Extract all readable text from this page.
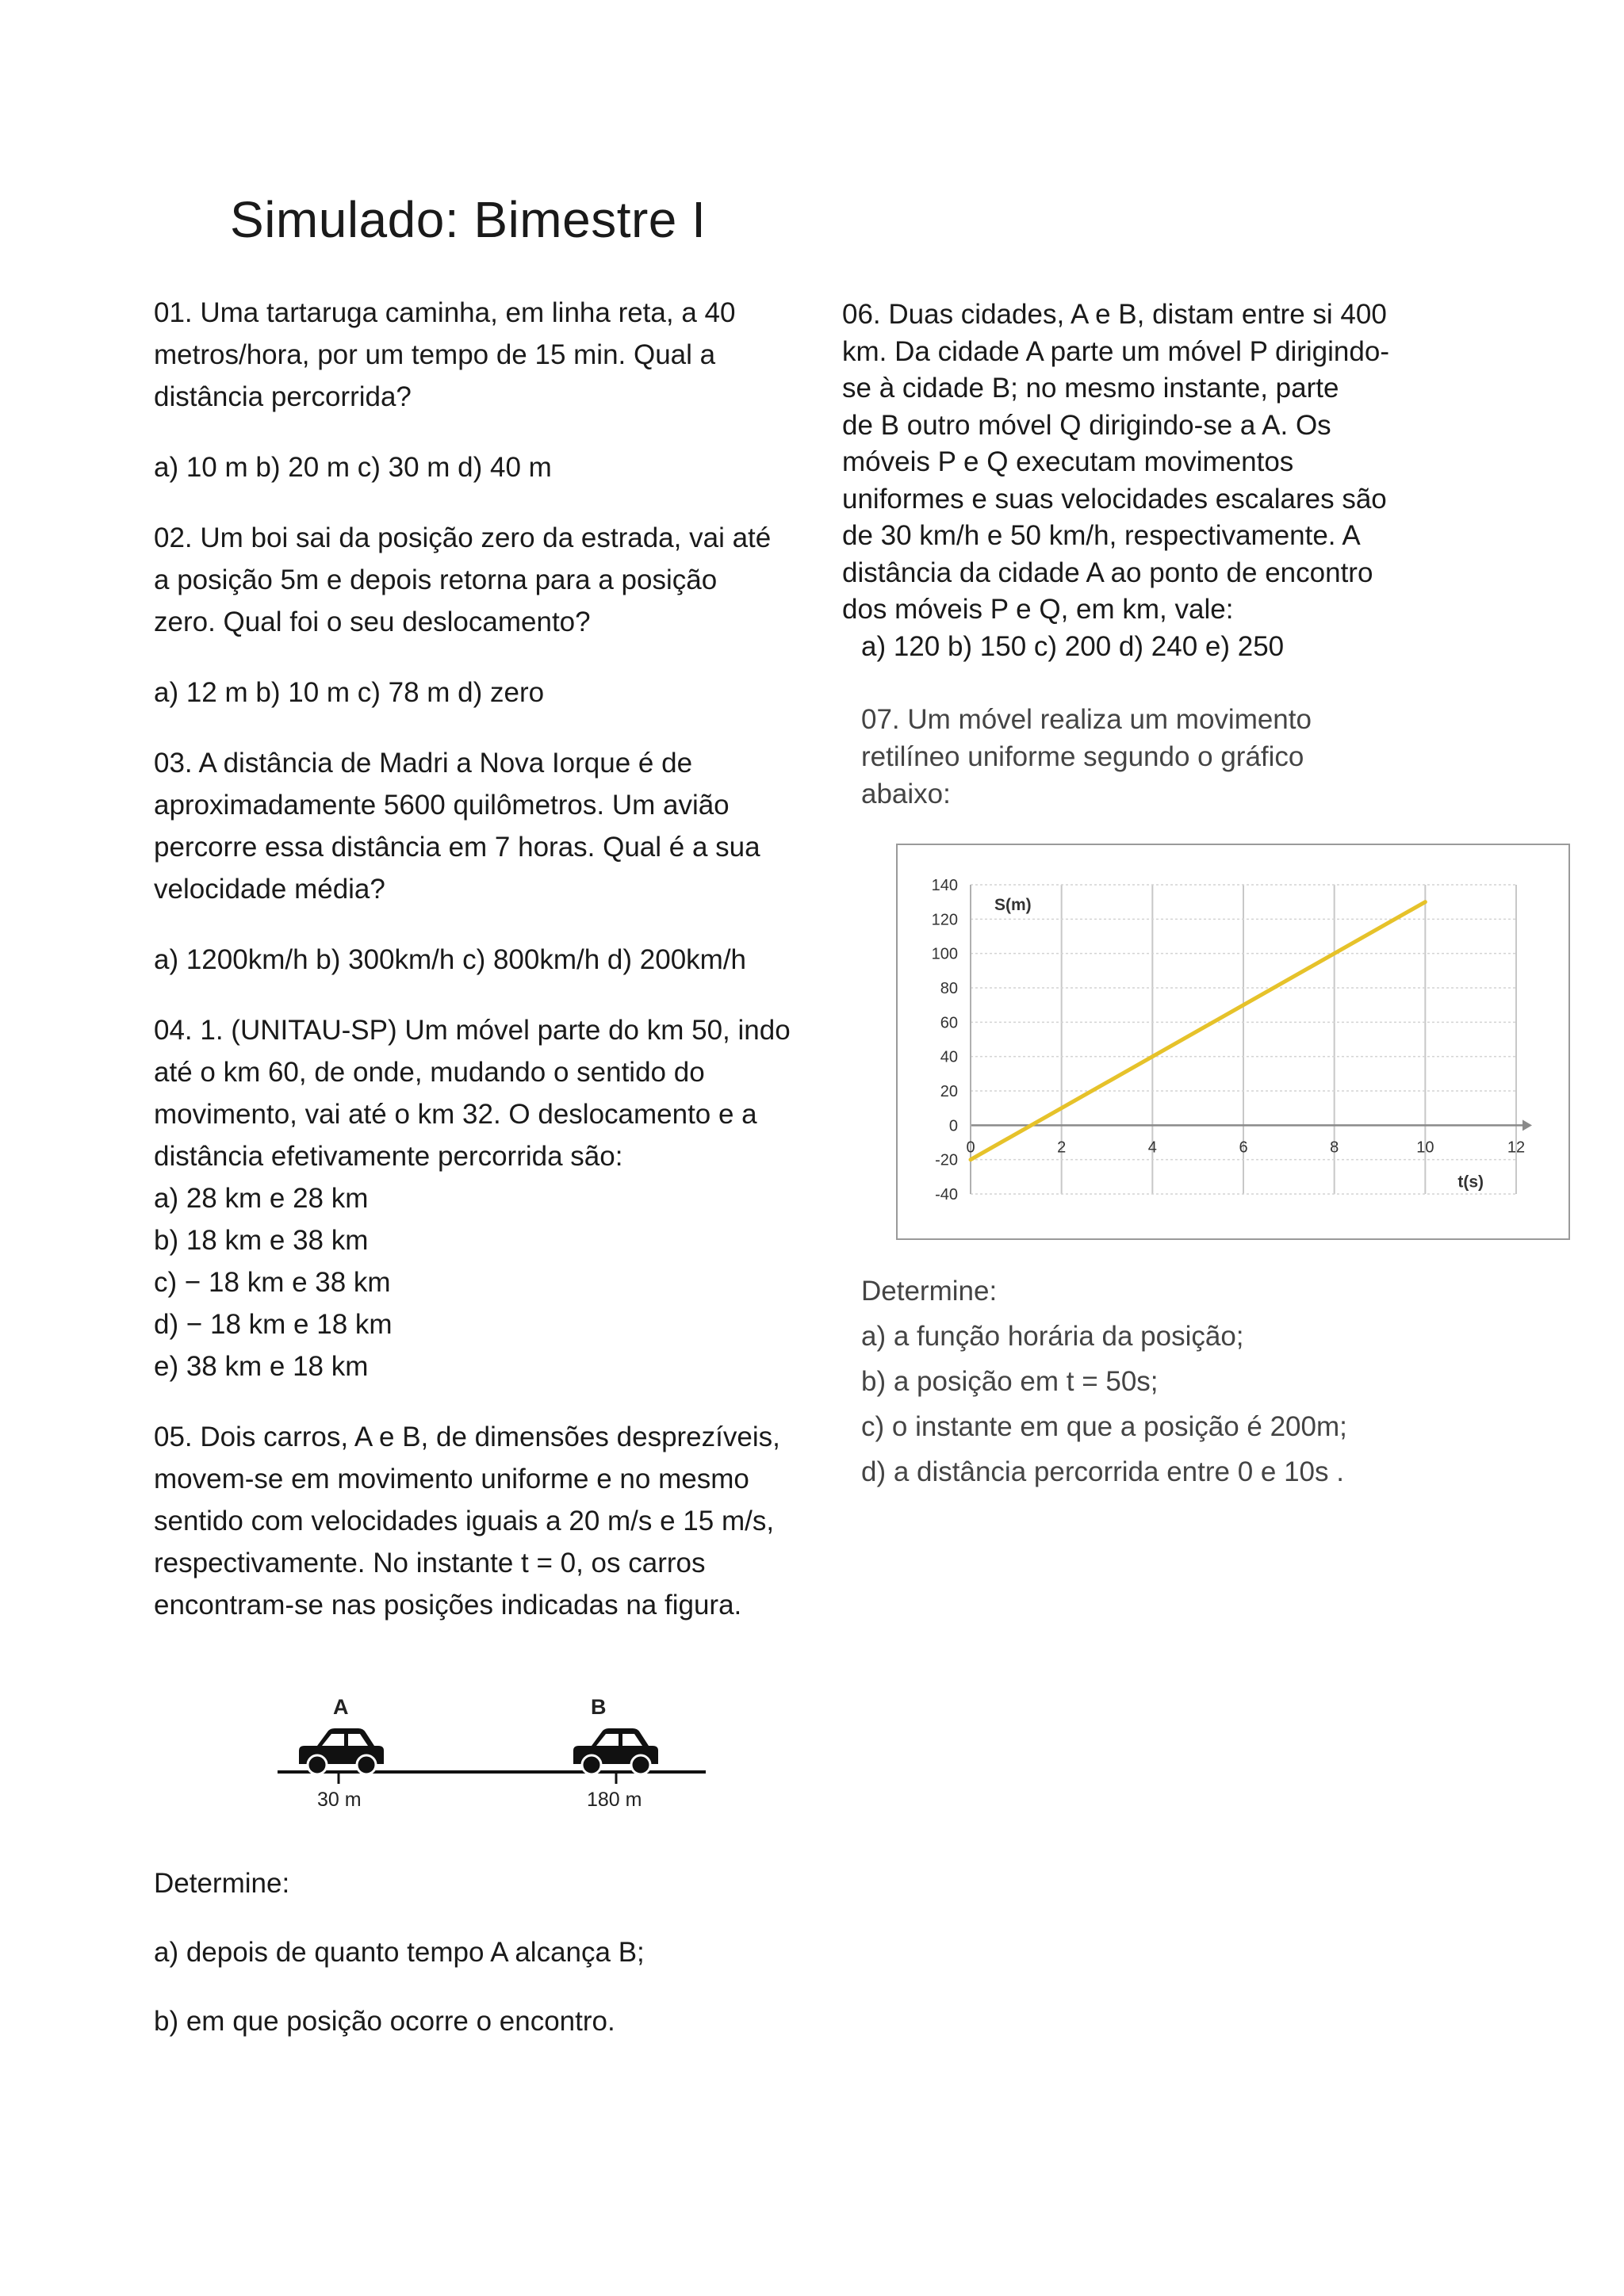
Simulado: Bimestre I
01. Uma tartaruga caminha, em linha reta, a 40
metros/hora, por um tempo de 15 min. Qual a
distância percorrida?
a) 10 m b) 20 m c) 30 m d) 40 m
02. Um boi sai da posição zero da estrada, vai até
a posição 5m e depois retorna para a posição
zero. Qual foi o seu deslocamento?
a) 12 m b) 10 m c) 78 m d) zero
03. A distância de Madri a Nova Iorque é de
aproximadamente 5600 quilômetros. Um avião
percorre essa distância em 7 horas. Qual é a sua
velocidade média?
a) 1200km/h b) 300km/h c) 800km/h d) 200km/h
04. 1. (UNITAU-SP) Um móvel parte do km 50, indo
até o km 60, de onde, mudando o sentido do
movimento, vai até o km 32. O deslocamento e a
distância efetivamente percorrida são:
a) 28 km e 28 km
b) 18 km e 38 km
c) − 18 km e 38 km
d) − 18 km e 18 km
e) 38 km e 18 km
05. Dois carros, A e B, de dimensões desprezíveis,
movem-se em movimento uniforme e no mesmo
sentido com velocidades iguais a 20 m/s e 15 m/s,
respectivamente. No instante t = 0, os carros
encontram-se nas posições indicadas na figura.
A	B
30 m	180 m
Determine:
a) depois de quanto tempo A alcança B;
b) em que posição ocorre o encontro.
06. Duas cidades, A e B, distam entre si 400
km. Da cidade A parte um móvel P dirigindo-
se à cidade B; no mesmo instante, parte
de B outro móvel Q dirigindo-se a A. Os
móveis P e Q executam movimentos
uniformes e suas velocidades escalares são
de 30 km/h e 50 km/h, respectivamente. A
distância da cidade A ao ponto de encontro
dos móveis P e Q, em km, vale:
a) 120 b) 150 c) 200 d) 240 e) 250
07. Um móvel realiza um movimento
retilíneo uniforme segundo o gráfico
abaixo:
140
120
100
80
60
40
20
0
-20
-40
0	2	4	6	8	10	12
S(m)
t(s)
Determine:
a) a função horária da posição;
b) a posição em t = 50s;
c) o instante em que a posição é 200m;
d) a distância percorrida entre 0 e 10s .
